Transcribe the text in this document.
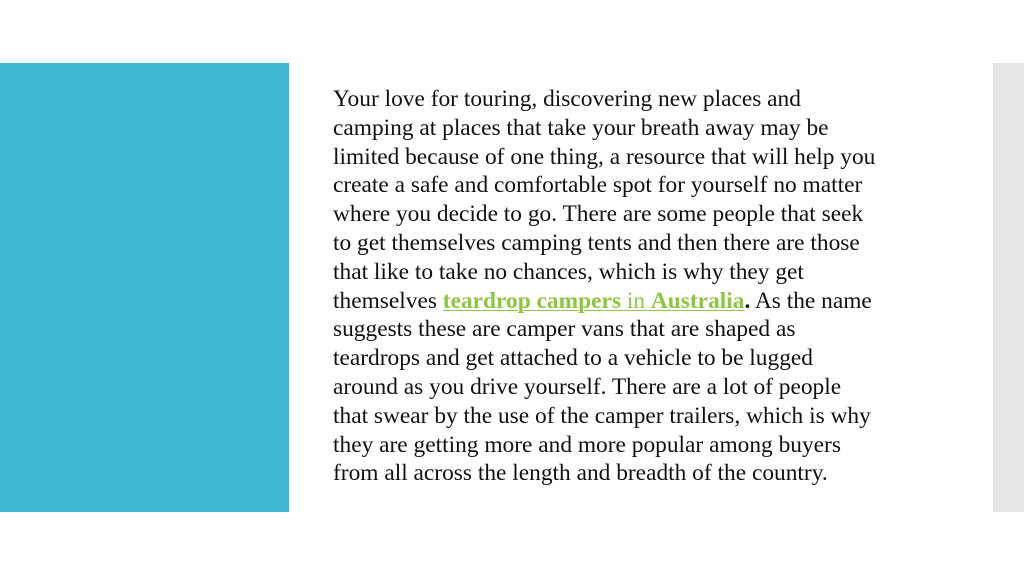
Your love for touring, discovering new places and
camping at places that take your breath away may be
limited because of one thing, a resource that will help you
create a safe and comfortable spot for yourself no matter
where you decide to go. There are some people that seek
to get themselves camping tents and then there are those
that like to take no chances, which is why they get
themselves teardrop campers in Australia. As the name
suggests these are camper vans that are shaped as
teardrops and get attached to a vehicle to be lugged
around as you drive yourself. There are a lot of people
that swear by the use of the camper trailers, which is why
they are getting more and more popular among buyers
from all across the length and breadth of the country.
